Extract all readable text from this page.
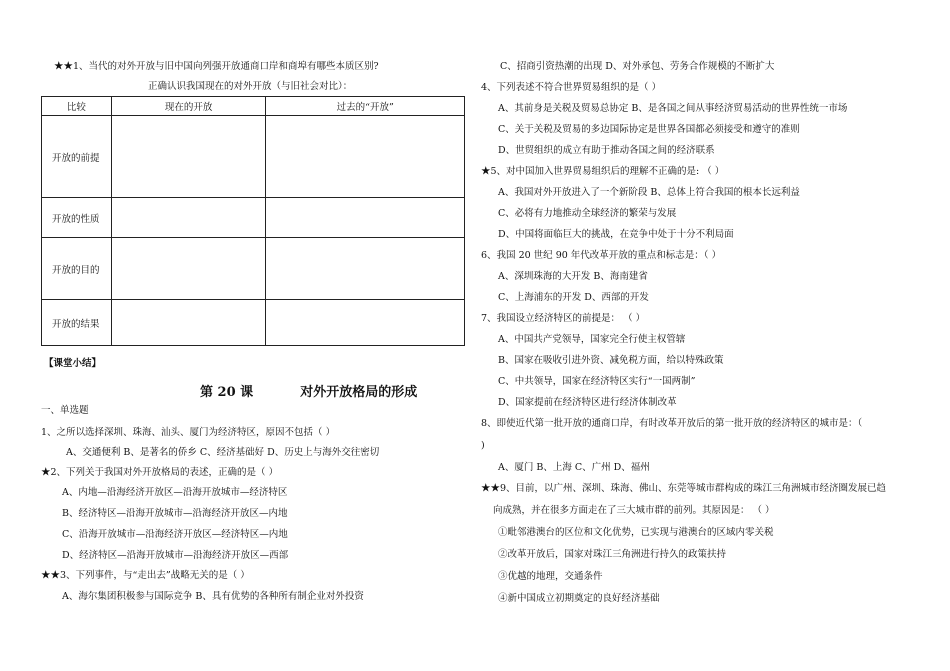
★★1、当代的对外开放与旧中国向列强开放通商口岸和商埠有哪些本质区别?
正确认识我国现在的对外开放（与旧社会对比）：
比较	现在的开放	过去的“开放”
开放的前提		
开放的性质		
开放的目的		
开放的结果		
【课堂小结】
第 20 课	对外开放格局的形成
一、单选题
1、之所以选择深圳、珠海、汕头、厦门为经济特区，原因不包括（ ）
A、交通便利 B、是著名的侨乡 C、经济基础好 D、历史上与海外交往密切
★2、下列关于我国对外开放格局的表述，正确的是（ ）
A、内地—沿海经济开放区—沿海开放城市—经济特区
B、经济特区—沿海开放城市—沿海经济开放区—内地
C、沿海开放城市—沿海经济开放区—经济特区—内地
D、经济特区—沿海开放城市—沿海经济开放区—西部
★★3、下列事件，与“走出去”战略无关的是（ ）
A、海尔集团积极参与国际竞争 B、具有优势的各种所有制企业对外投资
C、招商引资热潮的出现 D、对外承包、劳务合作规模的不断扩大
4、下列表述不符合世界贸易组织的是（ ）
A、其前身是关税及贸易总协定 B、是各国之间从事经济贸易活动的世界性统一市场
C、关于关税及贸易的多边国际协定是世界各国都必须接受和遵守的准则
D、世贸组织的成立有助于推动各国之间的经济联系
★5、对中国加入世界贸易组织后的理解不正确的是: （ ）
A、我国对外开放进入了一个新阶段 B、总体上符合我国的根本长远利益
C、必将有力地推动全球经济的繁荣与发展
D、中国将面临巨大的挑战，在竞争中处于十分不利局面
6、我国 20 世纪 90 年代改革开放的重点和标志是：（ ）
A、深圳珠海的大开发 B、海南建省
C、上海浦东的开发 D、西部的开发
7、我国设立经济特区的前提是： （ ）
A、中国共产党领导，国家完全行使主权管辖
B、国家在吸收引进外资、减免税方面，给以特殊政策
C、中共领导，国家在经济特区实行“一国两制”
D、国家提前在经济特区进行经济体制改革
8、即使近代第一批开放的通商口岸，有时改革开放后的第一批开放的经济特区的城市是：（
)
A、厦门 B、上海 C、广州 D、福州
★★9、目前，以广州、深圳、珠海、佛山、东莞等城市群构成的珠江三角洲城市经济圈发展已趋
向成熟，并在很多方面走在了三大城市群的前列。其原因是： （ ）
①毗邻港澳台的区位和文化优势，已实现与港澳台的区域内零关税
②改革开放后，国家对珠江三角洲进行持久的政策扶持
③优越的地理，交通条件
④新中国成立初期奠定的良好经济基础
